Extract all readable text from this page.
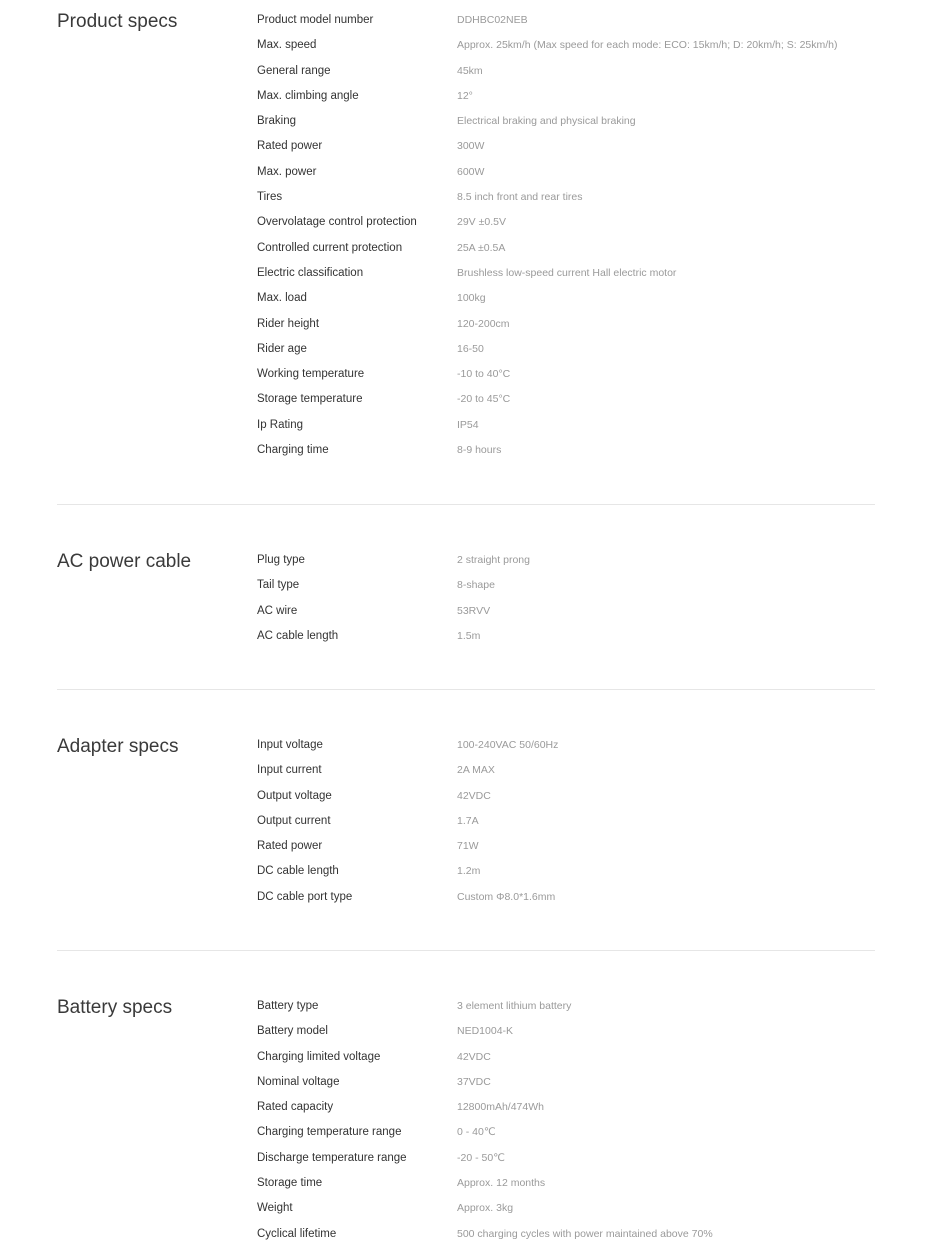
Product specs	Product model number	DDHBC02NEB
Max. speed	Approx. 25km/h (Max speed for each mode: ECO: 15km/h; D: 20km/h; S: 25km/h)
General range	45km
Max. climbing angle	12°
Braking	Electrical braking and physical braking
Rated power	300W
Max. power	600W
Tires	8.5 inch front and rear tires
Overvolatage control protection	29V ±0.5V
Controlled current protection	25A ±0.5A
Electric classification	Brushless low-speed current Hall electric motor
Max. load	100kg
Rider height	120-200cm
Rider age	16-50
Working temperature	-10 to 40°C
Storage temperature	-20 to 45°C
Ip Rating	IP54
Charging time	8-9 hours
AC power cable	Plug type	2 straight prong
Tail type	8-shape
AC wire	53RVV
AC cable length	1.5m
Adapter specs	Input voltage	100-240VAC 50/60Hz
Input current	2A MAX
Output voltage	42VDC
Output current	1.7A
Rated power	71W
DC cable length	1.2m
DC cable port type	Custom Φ8.0*1.6mm
Battery specs	Battery type	3 element lithium battery
Battery model	NED1004-K
Charging limited voltage	42VDC
Nominal voltage	37VDC
Rated capacity	12800mAh/474Wh
Charging temperature range	0 - 40℃
Discharge temperature range	-20 - 50℃
Storage time	Approx. 12 months
Weight	Approx. 3kg
Cyclical lifetime	500 charging cycles with power maintained above 70%
